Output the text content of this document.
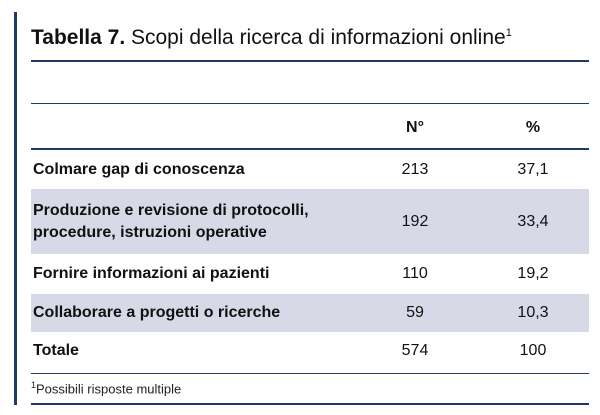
Tabella 7. Scopi della ricerca di informazioni online$^1$
N°	%
Colmare gap di conoscenza	213	37,1
Produzione e revisione di protocolli,
procedure, istruzioni operative
192	33,4
Fornire informazioni ai pazienti	110	19,2
Collaborare a progetti o ricerche	59	10,3
Totale	574	100
$^1$Possibili risposte multiple
